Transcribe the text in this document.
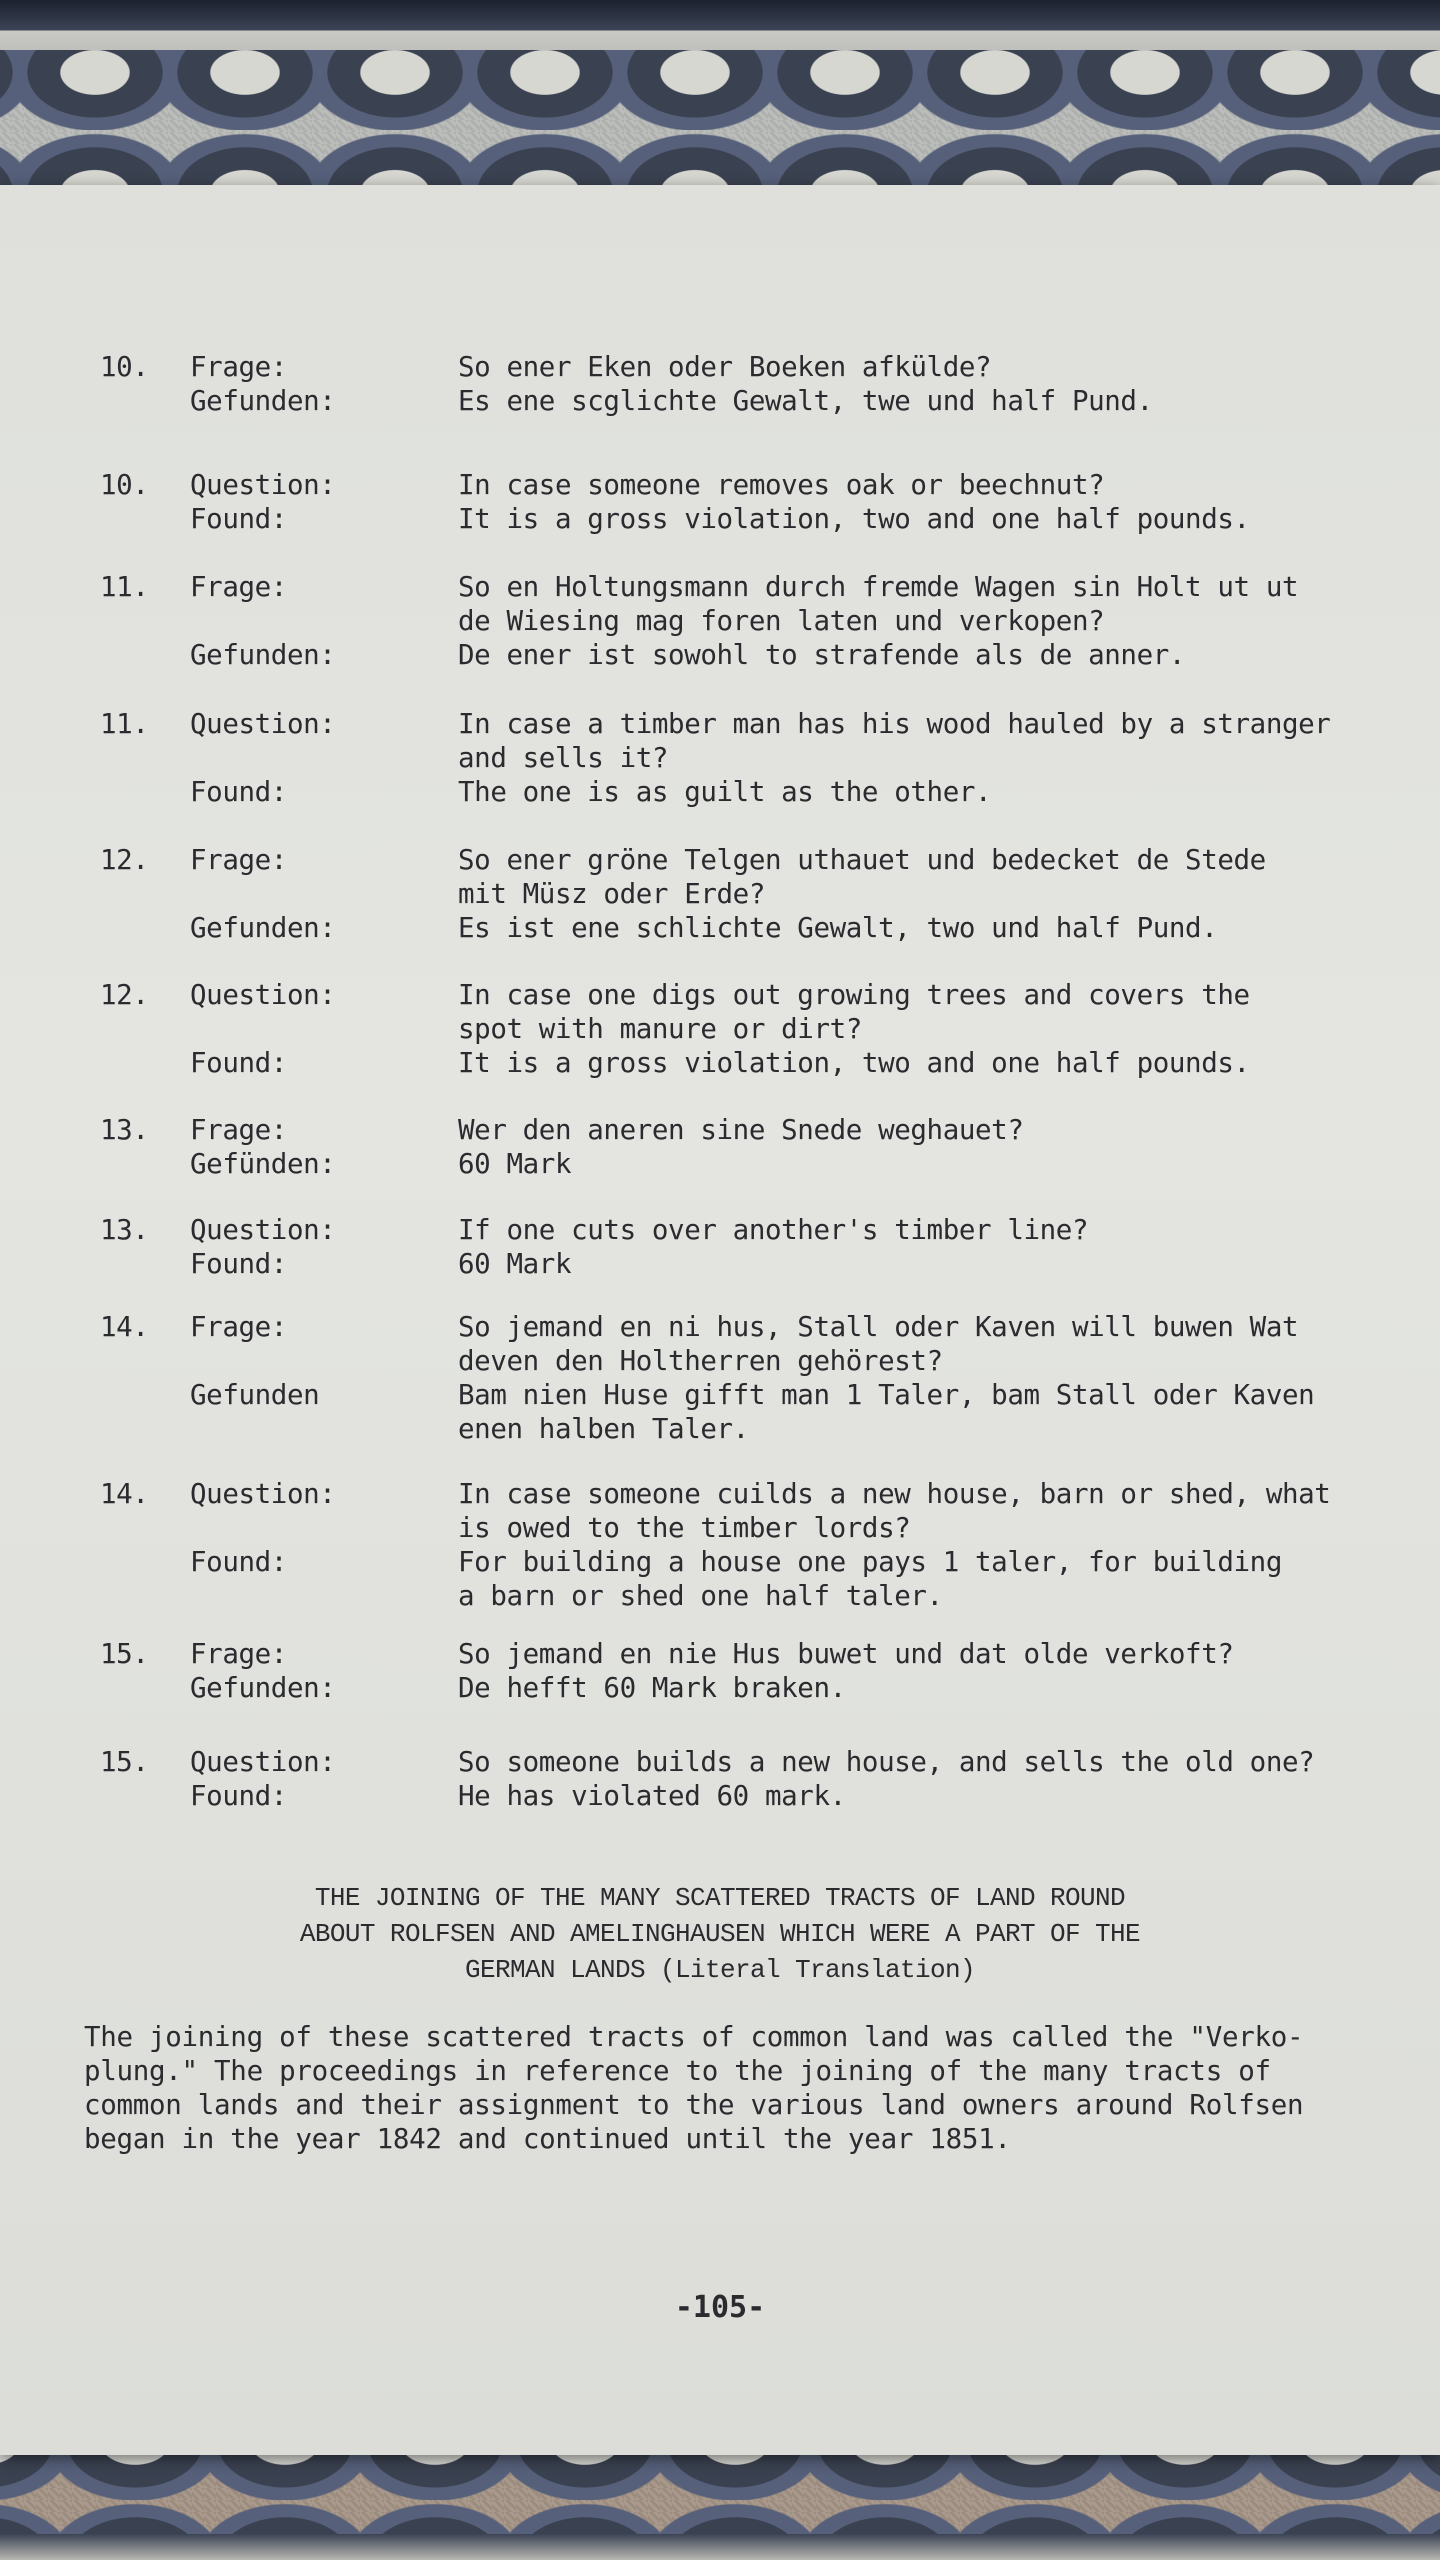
10. Frage:	So ener Eken oder Boeken afkülde?
Gefunden:	Es ene scglichte Gewalt, twe und half Pund.
10. Question:	In case someone removes oak or beechnut?
Found:	It is a gross violation, two and one half pounds.
11. Frage:	So en Holtungsmann durch fremde Wagen sin Holt ut ut
de Wiesing mag foren laten und verkopen?
Gefunden:	De ener ist sowohl to strafende als de anner.
11. Question:	In case a timber man has his wood hauled by a stranger
and sells it?
Found:	The one is as guilt as the other.
12. Frage:	So ener gröne Telgen uthauet und bedecket de Stede
mit Müsz oder Erde?
Gefunden:	Es ist ene schlichte Gewalt, two und half Pund.
12. Question:	In case one digs out growing trees and covers the
spot with manure or dirt?
Found:	It is a gross violation, two and one half pounds.
13. Frage:	Wer den aneren sine Snede weghauet?
Gefünden:	60 Mark
13. Question:	If one cuts over another's timber line?
Found:	60 Mark
14. Frage:	So jemand en ni hus, Stall oder Kaven will buwen Wat
deven den Holtherren gehörest?
Gefunden	Bam nien Huse gifft man 1 Taler, bam Stall oder Kaven
enen halben Taler.
14. Question:	In case someone cuilds a new house, barn or shed, what
is owed to the timber lords?
Found:	For building a house one pays 1 taler, for building
a barn or shed one half taler.
15. Frage:	So jemand en nie Hus buwet und dat olde verkoft?
Gefunden:	De hefft 60 Mark braken.
15. Question:	So someone builds a new house, and sells the old one?
Found:	He has violated 60 mark.
THE JOINING OF THE MANY SCATTERED TRACTS OF LAND ROUND
ABOUT ROLFSEN AND AMELINGHAUSEN WHICH WERE A PART OF THE
GERMAN LANDS (Literal Translation)
The joining of these scattered tracts of common land was called the "Verko-
plung." The proceedings in reference to the joining of the many tracts of
common lands and their assignment to the various land owners around Rolfsen
began in the year 1842 and continued until the year 1851.
-105-
